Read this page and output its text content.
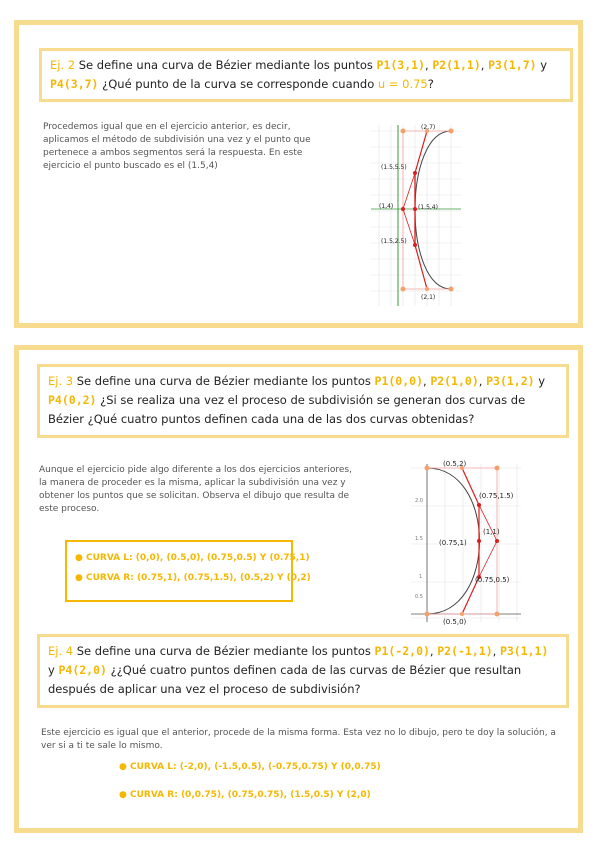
Ej. 2 Se define una curva de Bézier mediante los puntos P1(3,1), P2(1,1), P3(1,7) y P4(3,7) ¿Qué punto de la curva se corresponde cuando u = 0.75?
Procedemos igual que en el ejercicio anterior, es decir, aplicamos el método de subdivisión una vez y el punto que pertenece a ambos segmentos será la respuesta. En este ejercicio el punto buscado es el (1.5,4)
(2,7)
(1.5,5.5)
(1,4)	(1.5,4)
(1.5,2.5)
(2,1)
Ej. 3 Se define una curva de Bézier mediante los puntos P1(0,0), P2(1,0), P3(1,2) y P4(0,2) ¿Si se realiza una vez el proceso de subdivisión se generan dos curvas de Bézier ¿Qué cuatro puntos definen cada una de las dos curvas obtenidas?
Aunque el ejercicio pide algo diferente a los dos ejercicios anteriores, la manera de proceder es la misma, aplicar la subdivisión una vez y obtener los puntos que se solicitan. Observa el dibujo que resulta de este proceso.
● CURVA L: (0,0), (0.5,0), (0.75,0.5) Y (0.75,1)
● CURVA R: (0.75,1), (0.75,1.5), (0.5,2) Y (0,2)
2.0
1.5
1
0.5
(0.5,2)
(0.75,1.5)
(1,1)
(0.75,1)
(0.75,0.5)
(0.5,0)
Ej. 4 Se define una curva de Bézier mediante los puntos P1(-2,0), P2(-1,1), P3(1,1) y P4(2,0) ¿¿Qué cuatro puntos definen cada de las curvas de Bézier que resultan después de aplicar una vez el proceso de subdivisión?
Este ejercicio es igual que el anterior, procede de la misma forma. Esta vez no lo dibujo, pero te doy la solución, a ver si a ti te sale lo mismo.
● CURVA L: (-2,0), (-1.5,0.5), (-0.75,0.75) Y (0,0.75)
● CURVA R: (0,0.75), (0.75,0.75), (1.5,0.5) Y (2,0)
